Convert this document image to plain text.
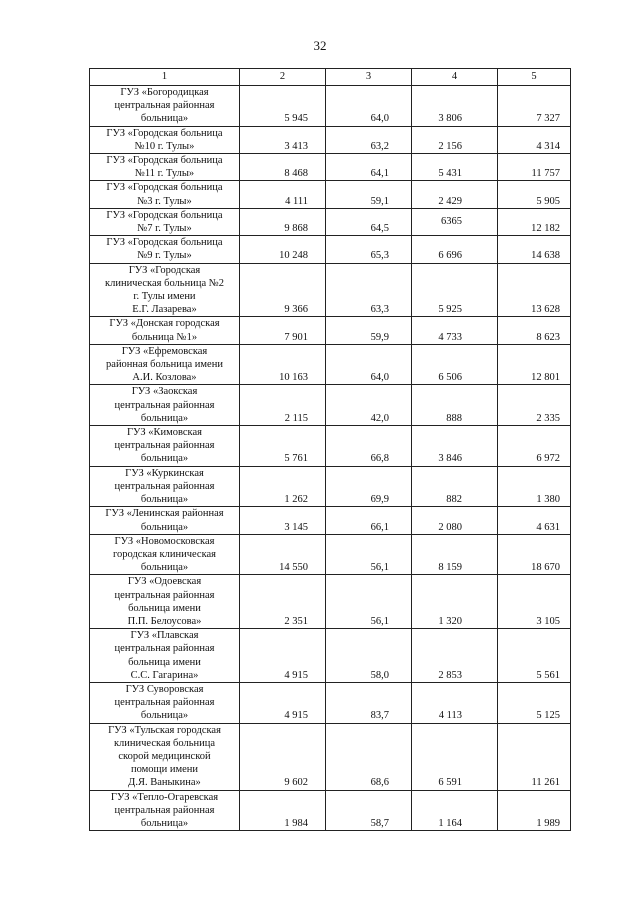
32
1	2	3	4	5

ГУЗ «Богородицкая
центральная районная
больница»	5 945	64,0	3 806	7 327

ГУЗ «Городская больница
№10 г. Тулы»	3 413	63,2	2 156	4 314

ГУЗ «Городская больница
№11 г. Тулы»	8 468	64,1	5 431	11 757

ГУЗ «Городская больница
№3 г. Тулы»	4 111	59,1	2 429	5 905

ГУЗ «Городская больница
№7 г. Тулы»	9 868	64,5	6365	12 182

ГУЗ «Городская больница
№9 г. Тулы»	10 248	65,3	6 696	14 638

ГУЗ «Городская
клиническая больница №2
г. Тулы имени
Е.Г. Лазарева»	9 366	63,3	5 925	13 628

ГУЗ «Донская городская
больница №1»	7 901	59,9	4 733	8 623

ГУЗ «Ефремовская
районная больница имени
А.И. Козлова»	10 163	64,0	6 506	12 801

ГУЗ «Заокская
центральная районная
больница»	2 115	42,0	888	2 335

ГУЗ «Кимовская
центральная районная
больница»	5 761	66,8	3 846	6 972

ГУЗ «Куркинская
центральная районная
больница»	1 262	69,9	882	1 380

ГУЗ «Ленинская районная
больница»	3 145	66,1	2 080	4 631

ГУЗ «Новомосковская
городская клиническая
больница»	14 550	56,1	8 159	18 670

ГУЗ «Одоевская
центральная районная
больница имени
П.П. Белоусова»	2 351	56,1	1 320	3 105

ГУЗ «Плавская
центральная районная
больница имени
С.С. Гагарина»	4 915	58,0	2 853	5 561

ГУЗ Суворовская
центральная районная
больница»	4 915	83,7	4 113	5 125

ГУЗ «Тульская городская
клиническая больница
скорой медицинской
помощи имени
Д.Я. Ваныкина»	9 602	68,6	6 591	11 261

ГУЗ «Тепло-Огаревская
центральная районная
больница»	1 984	58,7	1 164	1 989
